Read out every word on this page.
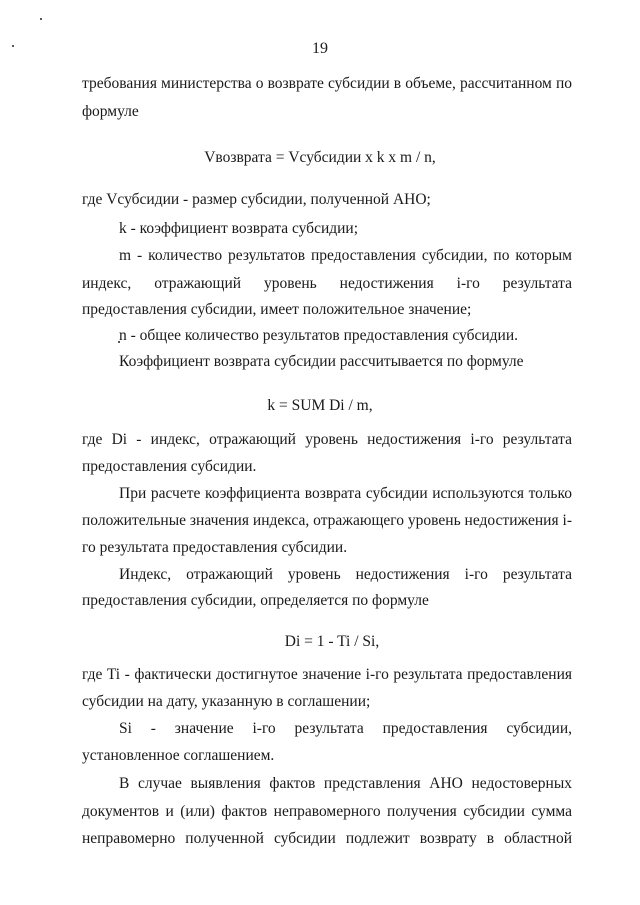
19
требования министерства о возврате субсидии в объеме, рассчитанном по
формуле
Vвозврата = Vсубсидии x k x m / n,
где Vсубсидии - размер субсидии, полученной АНО;
k - коэффициент возврата субсидии;
m - количество результатов предоставления субсидии, по которым
индекс, отражающий уровень недостижения i-го результата
предоставления субсидии, имеет положительное значение;
n - общее количество результатов предоставления субсидии.
Коэффициент возврата субсидии рассчитывается по формуле
k = SUM Di / m,
где Di - индекс, отражающий уровень недостижения i-го результата
предоставления субсидии.
При расчете коэффициента возврата субсидии используются только
положительные значения индекса, отражающего уровень недостижения i-
го результата предоставления субсидии.
Индекс, отражающий уровень недостижения i-го результата
предоставления субсидии, определяется по формуле
Di = 1 - Ti / Si,
где Ti - фактически достигнутое значение i-го результата предоставления
субсидии на дату, указанную в соглашении;
Si - значение i-го результата предоставления субсидии,
установленное соглашением.
В случае выявления фактов представления АНО недостоверных
документов и (или) фактов неправомерного получения субсидии сумма
неправомерно полученной субсидии подлежит возврату в областной
